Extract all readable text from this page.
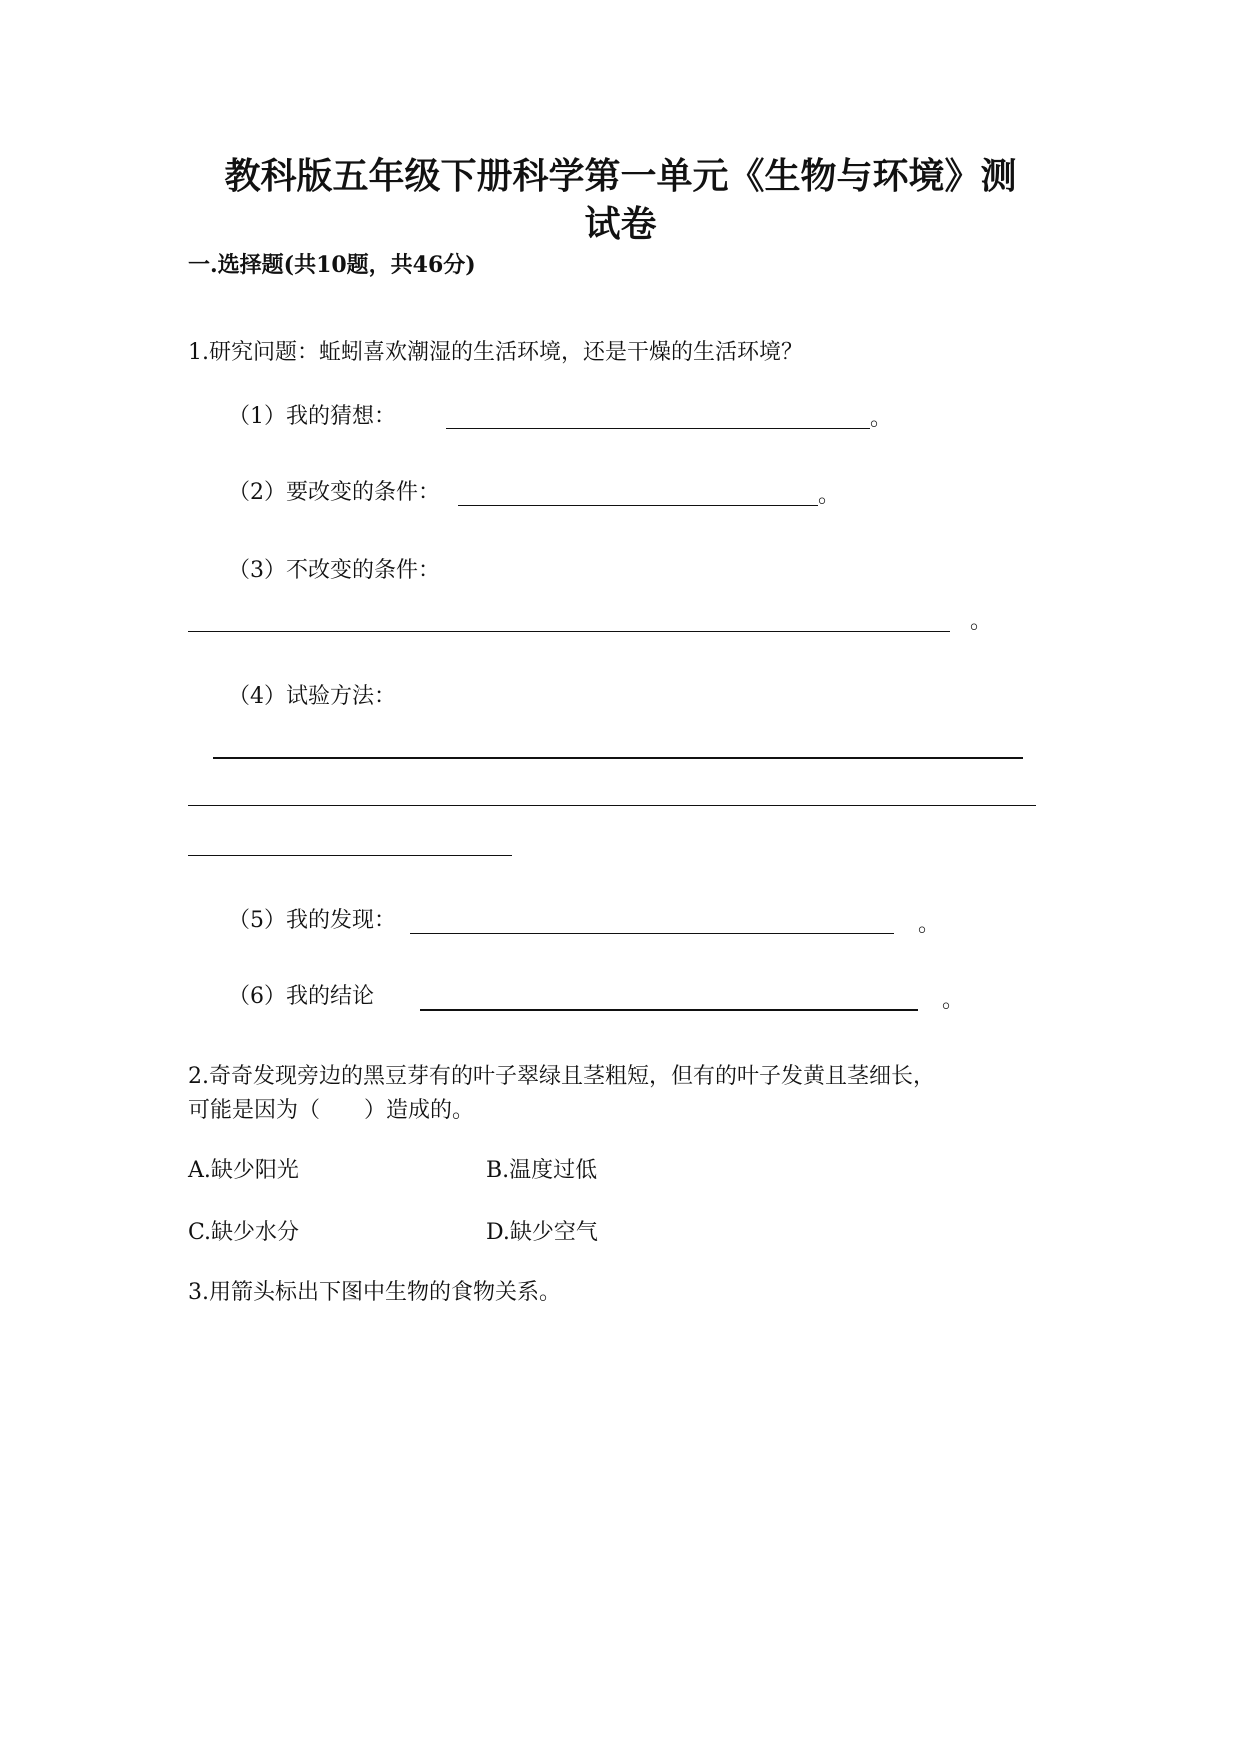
教科版五年级下册科学第一单元《生物与环境》测
试卷
一.选择题(共10题，共46分)
1.研究问题：蚯蚓喜欢潮湿的生活环境，还是干燥的生活环境？
（1）我的猜想：	。
（2）要改变的条件：	。
（3）不改变的条件：
。
（4）试验方法：
（5）我的发现：	。
（6）我的结论	。
2.奇奇发现旁边的黑豆芽有的叶子翠绿且茎粗短，但有的叶子发黄且茎细长，
可能是因为（　　）造成的。
A.缺少阳光	B.温度过低
C.缺少水分	D.缺少空气
3.用箭头标出下图中生物的食物关系。
